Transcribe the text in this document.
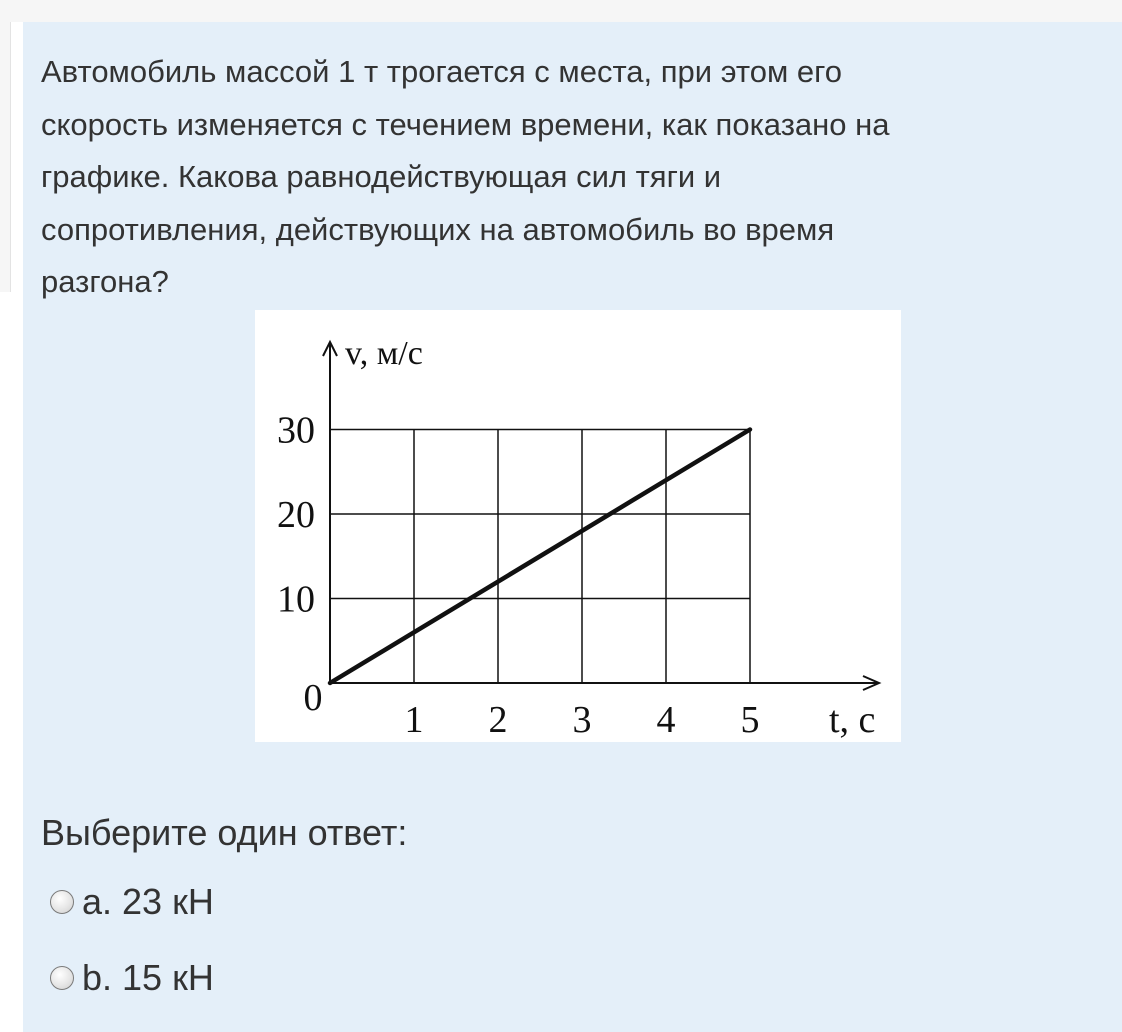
Автомобиль массой 1 т трогается с места, при этом его
скорость изменяется с течением времени, как показано на
графике. Какова равнодействующая сил тяги и
сопротивления, действующих на автомобиль во время
разгона?
10
20
30
1 2 3 4 5
0
v, м/с
t, с
Выберите один ответ:
a. 23 кН
b. 15 кН
